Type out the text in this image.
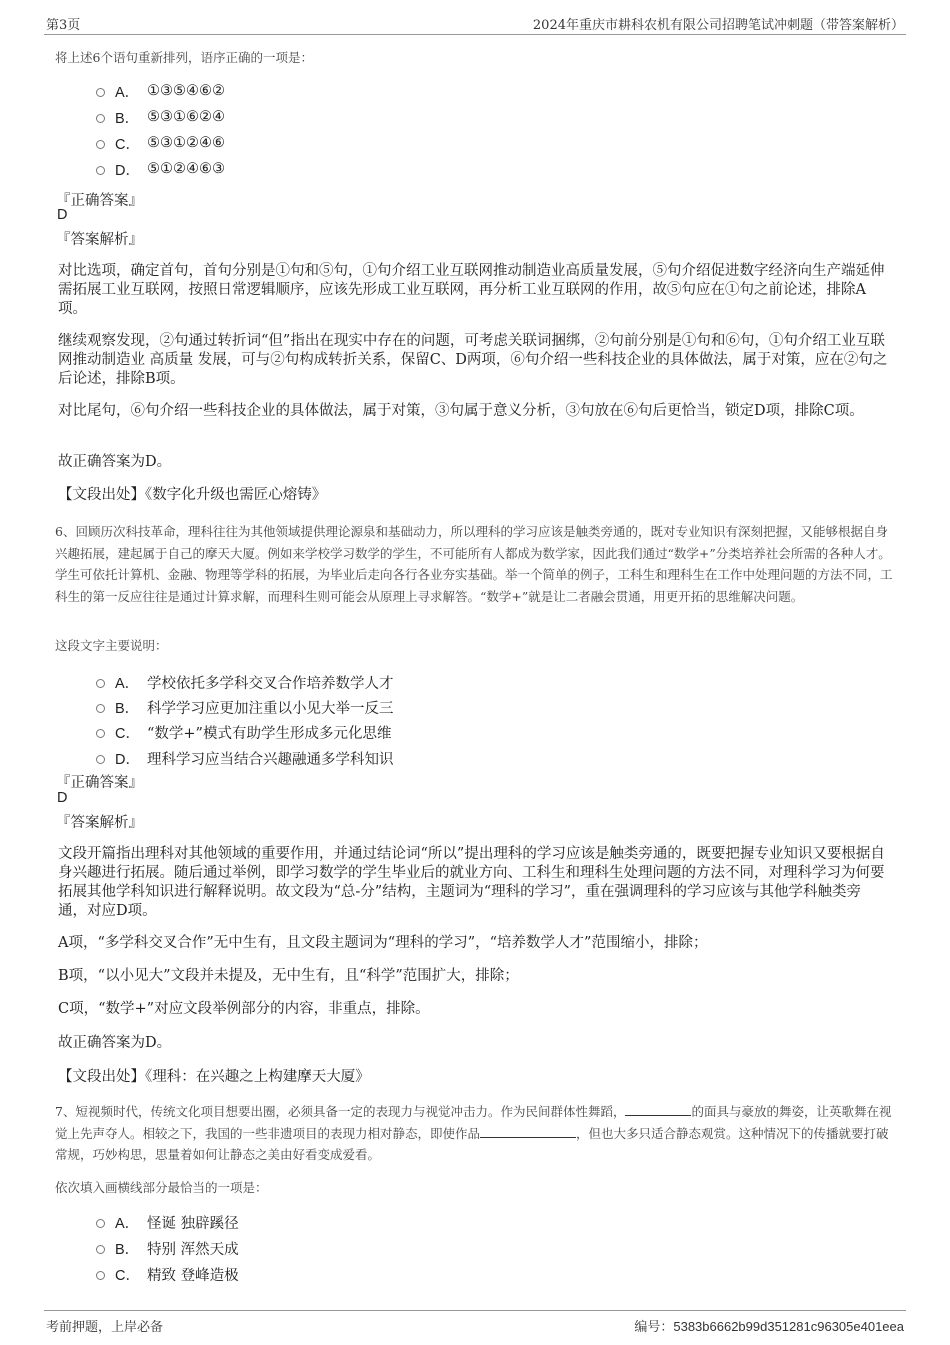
第3页	2024年重庆市耕科农机有限公司招聘笔试冲刺题（带答案解析）
将上述6个语句重新排列，语序正确的一项是：
A． ①③⑤④⑥②
B． ⑤③①⑥②④
C． ⑤③①②④⑥
D． ⑤①②④⑥③
『正确答案』
D
『答案解析』
对比选项，确定首句，首句分别是①句和⑤句，①句介绍工业互联网推动制造业高质量发展，⑤句介绍促进数字经济向生产端延伸需拓展工业互联网，按照日常逻辑顺序，应该先形成工业互联网，再分析工业互联网的作用，故⑤句应在①句之前论述，排除A项。
继续观察发现，②句通过转折词“但”指出在现实中存在的问题，可考虑关联词捆绑，②句前分别是①句和⑥句，①句介绍工业互联网推动制造业 高质量 发展，可与②句构成转折关系，保留C、D两项，⑥句介绍一些科技企业的具体做法，属于对策，应在②句之后论述，排除B项。
对比尾句，⑥句介绍一些科技企业的具体做法，属于对策，③句属于意义分析，③句放在⑥句后更恰当，锁定D项，排除C项。
故正确答案为D。
【文段出处】《数字化升级也需匠心熔铸》
6、回顾历次科技革命，理科往往为其他领域提供理论源泉和基础动力，所以理科的学习应该是触类旁通的，既对专业知识有深刻把握，又能够根据自身兴趣拓展，建起属于自己的摩天大厦。例如来学校学习数学的学生，不可能所有人都成为数学家，因此我们通过“数学+”分类培养社会所需的各种人才。学生可依托计算机、金融、物理等学科的拓展，为毕业后走向各行各业夯实基础。举一个简单的例子，工科生和理科生在工作中处理问题的方法不同，工科生的第一反应往往是通过计算求解，而理科生则可能会从原理上寻求解答。“数学+”就是让二者融会贯通，用更开拓的思维解决问题。
这段文字主要说明：
A． 学校依托多学科交叉合作培养数学人才
B． 科学学习应更加注重以小见大举一反三
C． “数学+”模式有助学生形成多元化思维
D． 理科学习应当结合兴趣融通多学科知识
『正确答案』
D
『答案解析』
文段开篇指出理科对其他领域的重要作用，并通过结论词“所以”提出理科的学习应该是触类旁通的，既要把握专业知识又要根据自身兴趣进行拓展。随后通过举例，即学习数学的学生毕业后的就业方向、工科生和理科生处理问题的方法不同，对理科学习为何要拓展其他学科知识进行解释说明。故文段为“总-分”结构，主题词为“理科的学习”，重在强调理科的学习应该与其他学科触类旁通，对应D项。
A项，“多学科交叉合作”无中生有，且文段主题词为“理科的学习”，“培养数学人才”范围缩小，排除；
B项，“以小见大”文段并未提及，无中生有，且“科学”范围扩大，排除；
C项，“数学+”对应文段举例部分的内容，非重点，排除。
故正确答案为D。
【文段出处】《理科：在兴趣之上构建摩天大厦》
7、短视频时代，传统文化项目想要出圈，必须具备一定的表现力与视觉冲击力。作为民间群体性舞蹈，	的面具与豪放的舞姿，让英歌舞在视觉上先声夺人。相较之下，我国的一些非遗项目的表现力相对静态，即使作品	，但也大多只适合静态观赏。这种情况下的传播就要打破常规，巧妙构思，思量着如何让静态之美由好看变成爱看。
依次填入画横线部分最恰当的一项是：
A． 怪诞 独辟蹊径
B． 特别 浑然天成
C． 精致 登峰造极
考前押题，上岸必备	编号：5383b6662b99d351281c96305e401eea
